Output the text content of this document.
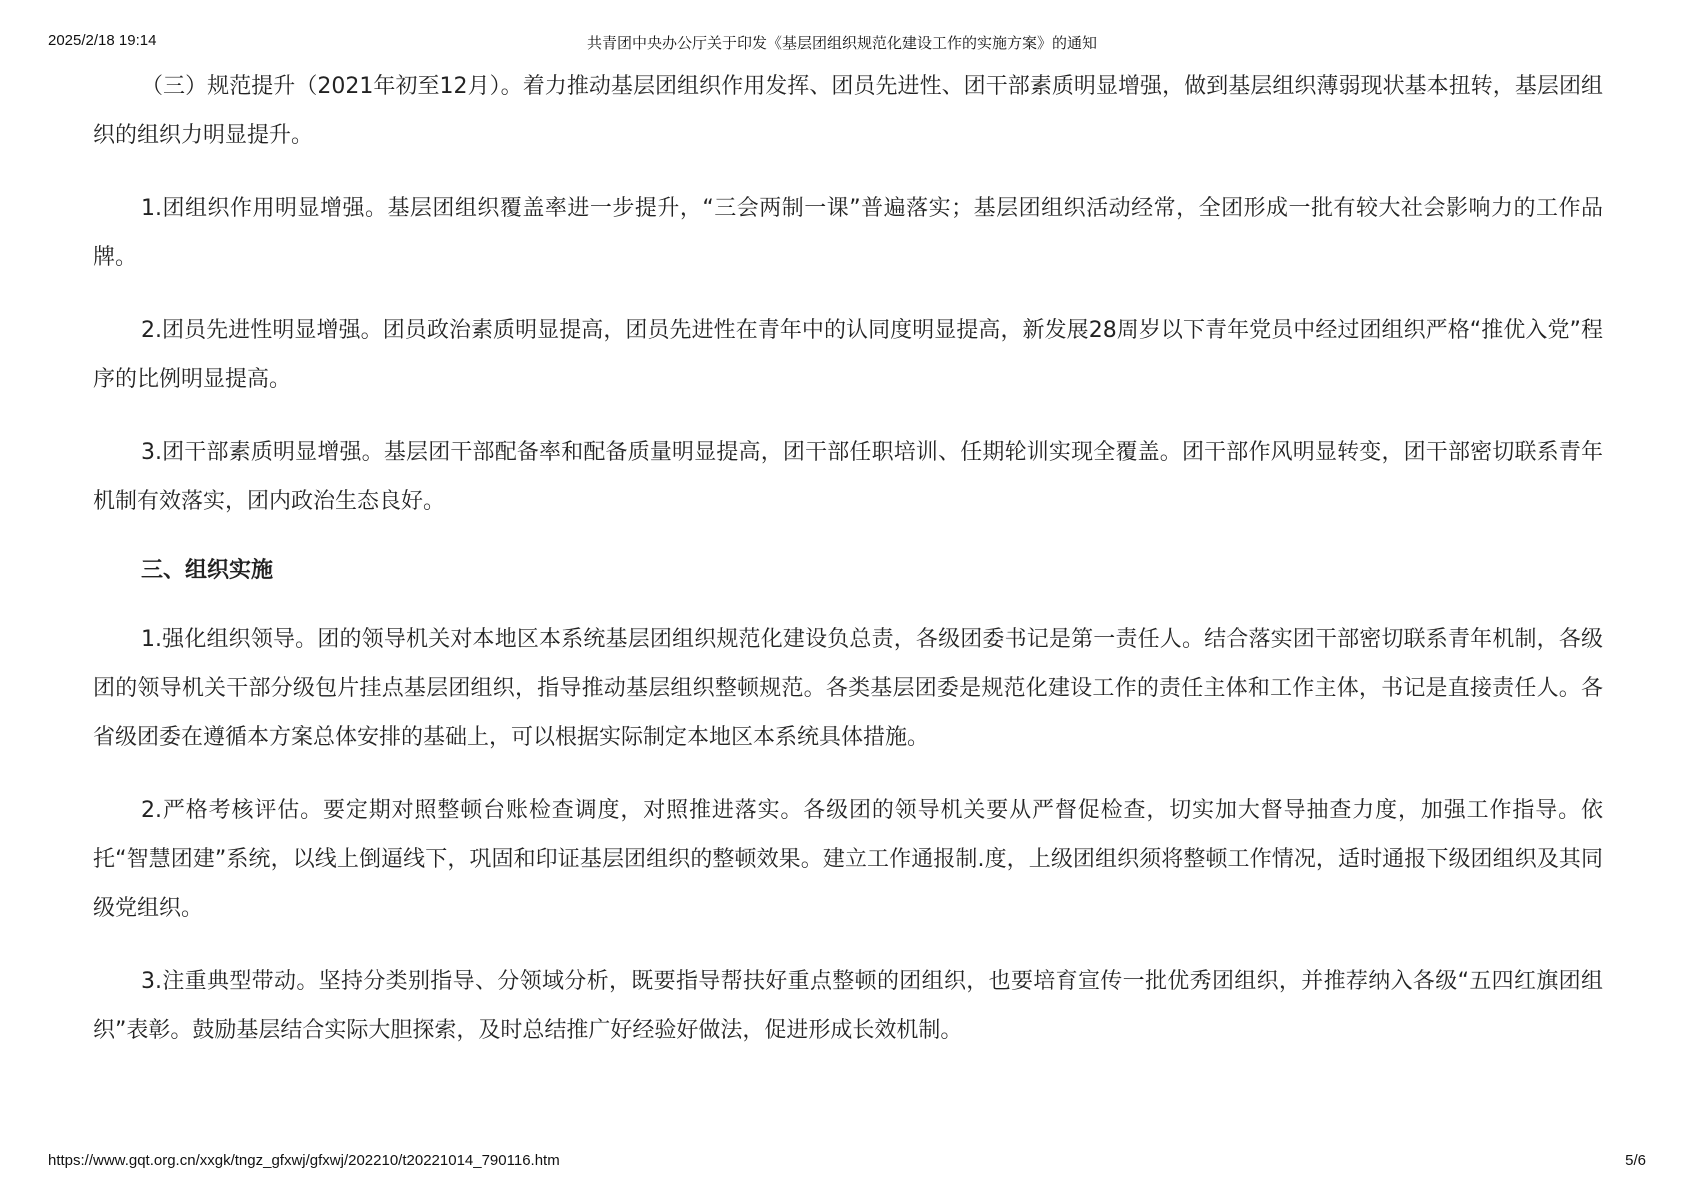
2025/2/18 19:14	共青团中央办公厅关于印发《基层团组织规范化建设工作的实施方案》的通知

（三）规范提升（2021年初至12月）。着力推动基层团组织作用发挥、团员先进性、团干部素质明显增强，做到基层组织薄弱现状基本扭转，基层团组织的组织力明显提升。

1.团组织作用明显增强。基层团组织覆盖率进一步提升，“三会两制一课”普遍落实；基层团组织活动经常，全团形成一批有较大社会影响力的工作品牌。

2.团员先进性明显增强。团员政治素质明显提高，团员先进性在青年中的认同度明显提高，新发展28周岁以下青年党员中经过团组织严格“推优入党”程序的比例明显提高。

3.团干部素质明显增强。基层团干部配备率和配备质量明显提高，团干部任职培训、任期轮训实现全覆盖。团干部作风明显转变，团干部密切联系青年机制有效落实，团内政治生态良好。

三、组织实施

1.强化组织领导。团的领导机关对本地区本系统基层团组织规范化建设负总责，各级团委书记是第一责任人。结合落实团干部密切联系青年机制，各级团的领导机关干部分级包片挂点基层团组织，指导推动基层组织整顿规范。各类基层团委是规范化建设工作的责任主体和工作主体，书记是直接责任人。各省级团委在遵循本方案总体安排的基础上，可以根据实际制定本地区本系统具体措施。

2.严格考核评估。要定期对照整顿台账检查调度，对照推进落实。各级团的领导机关要从严督促检查，切实加大督导抽查力度，加强工作指导。依托“智慧团建”系统，以线上倒逼线下，巩固和印证基层团组织的整顿效果。建立工作通报制.度，上级团组织须将整顿工作情况，适时通报下级团组织及其同级党组织。

3.注重典型带动。坚持分类别指导、分领域分析，既要指导帮扶好重点整顿的团组织，也要培育宣传一批优秀团组织，并推荐纳入各级“五四红旗团组织”表彰。鼓励基层结合实际大胆探索，及时总结推广好经验好做法，促进形成长效机制。

https://www.gqt.org.cn/xxgk/tngz_gfxwj/gfxwj/202210/t20221014_790116.htm	5/6
